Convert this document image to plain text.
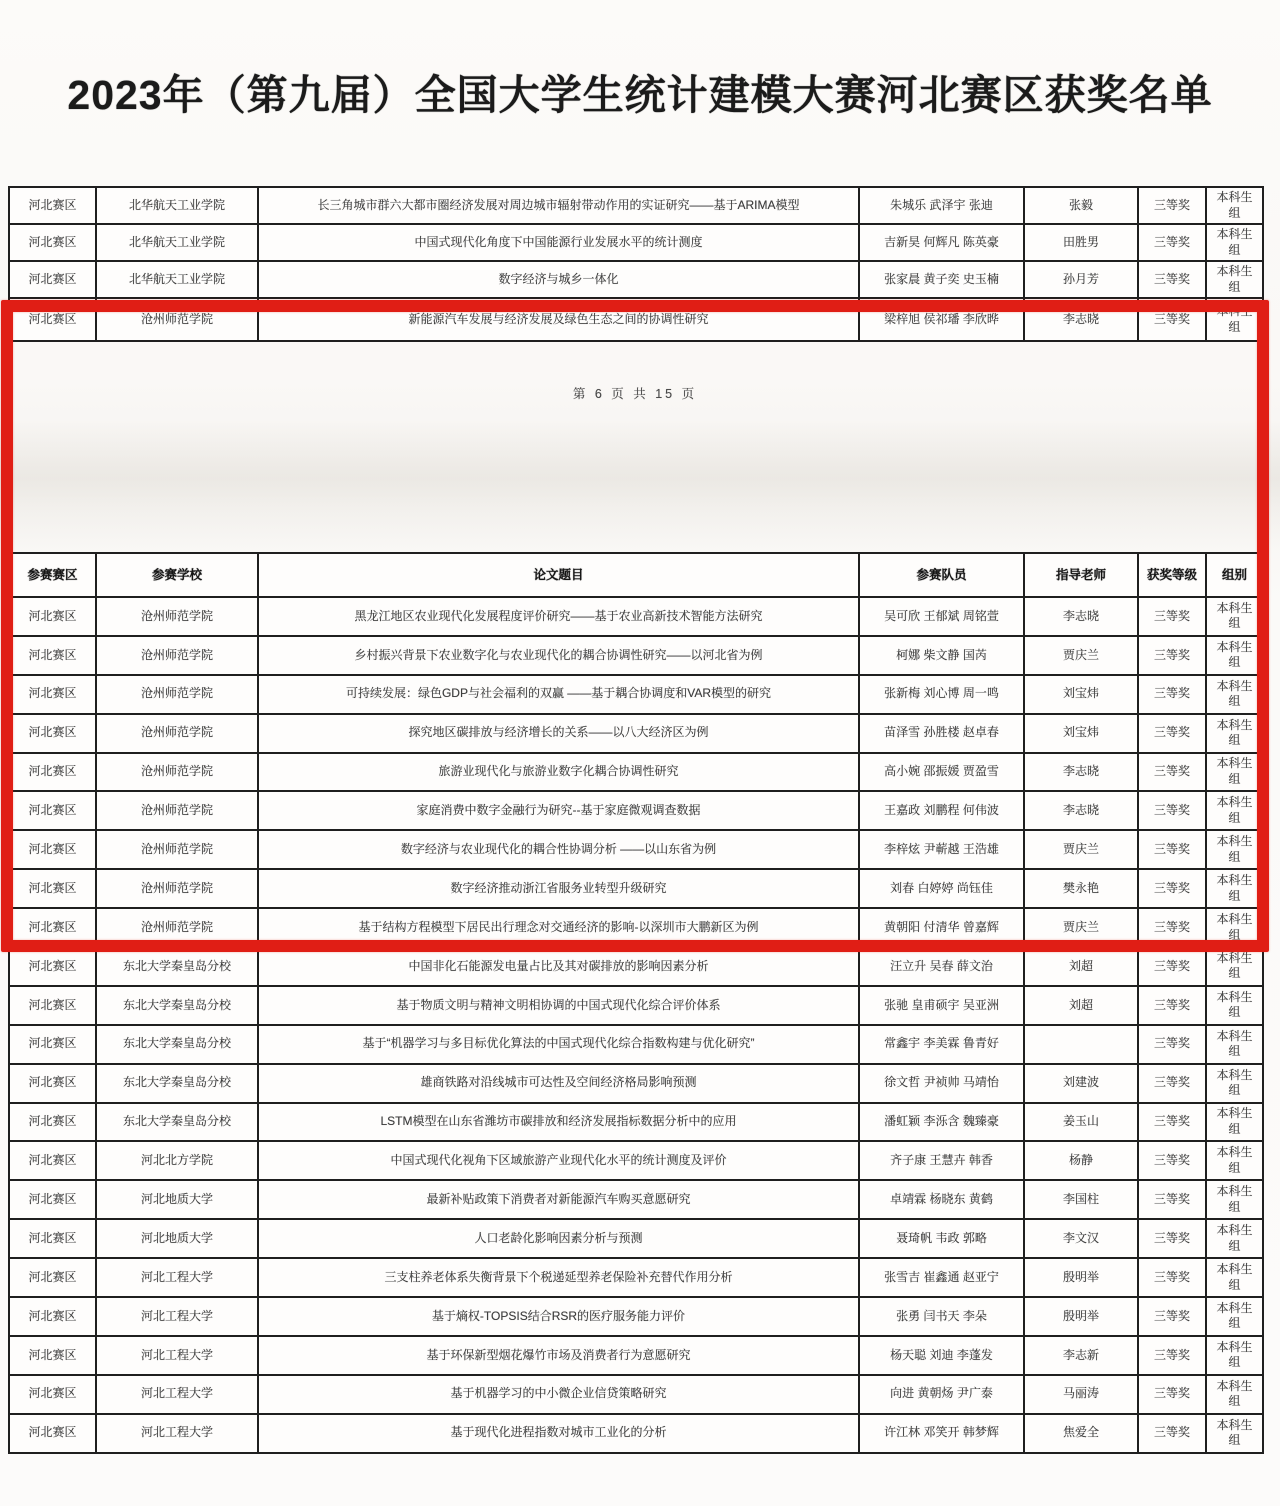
2023年（第九届）全国大学生统计建模大赛河北赛区获奖名单
河北赛区	北华航天工业学院	长三角城市群六大都市圈经济发展对周边城市辐射带动作用的实证研究——基于ARIMA模型	朱城乐 武泽宇 张迪	张毅	三等奖	本科生组
河北赛区	北华航天工业学院	中国式现代化角度下中国能源行业发展水平的统计测度	吉新昊 何辉凡 陈英豪	田胜男	三等奖	本科生组
河北赛区	北华航天工业学院	数字经济与城乡一体化	张家晨 黄子奕 史玉楠	孙月芳	三等奖	本科生组
河北赛区	沧州师范学院	新能源汽车发展与经济发展及绿色生态之间的协调性研究	梁梓旭 侯祁璠 李欣晔	李志晓	三等奖	本科生组
第 6 页 共 15 页
参赛赛区	参赛学校	论文题目	参赛队员	指导老师	获奖等级	组别
河北赛区	沧州师范学院	黑龙江地区农业现代化发展程度评价研究——基于农业高新技术智能方法研究	吴可欣 王郁斌 周铭萱	李志晓	三等奖	本科生组
河北赛区	沧州师范学院	乡村振兴背景下农业数字化与农业现代化的耦合协调性研究——以河北省为例	柯娜 柴文静 国芮	贾庆兰	三等奖	本科生组
河北赛区	沧州师范学院	可持续发展：绿色GDP与社会福利的双赢 ——基于耦合协调度和VAR模型的研究	张新梅 刘心博 周一鸣	刘宝炜	三等奖	本科生组
河北赛区	沧州师范学院	探究地区碳排放与经济增长的关系——以八大经济区为例	苗泽雪 孙胜楼 赵卓春	刘宝炜	三等奖	本科生组
河北赛区	沧州师范学院	旅游业现代化与旅游业数字化耦合协调性研究	高小婉 邵振媛 贾盈雪	李志晓	三等奖	本科生组
河北赛区	沧州师范学院	家庭消费中数字金融行为研究--基于家庭微观调查数据	王嘉政 刘鹏程 何伟波	李志晓	三等奖	本科生组
河北赛区	沧州师范学院	数字经济与农业现代化的耦合性协调分析 ——以山东省为例	李梓炫 尹蕲越 王浩雄	贾庆兰	三等奖	本科生组
河北赛区	沧州师范学院	数字经济推动浙江省服务业转型升级研究	刘春 白婷婷 尚钰佳	樊永艳	三等奖	本科生组
河北赛区	沧州师范学院	基于结构方程模型下居民出行理念对交通经济的影响-以深圳市大鹏新区为例	黄朝阳 付清华 曾嘉辉	贾庆兰	三等奖	本科生组
河北赛区	东北大学秦皇岛分校	中国非化石能源发电量占比及其对碳排放的影响因素分析	汪立升 吴春 薛文治	刘超	三等奖	本科生组
河北赛区	东北大学秦皇岛分校	基于物质文明与精神文明相协调的中国式现代化综合评价体系	张驰 皇甫硕宇 吴亚洲	刘超	三等奖	本科生组
河北赛区	东北大学秦皇岛分校	基于“机器学习与多目标优化算法的中国式现代化综合指数构建与优化研究”	常鑫宇 李美霖 鲁青好		三等奖	本科生组
河北赛区	东北大学秦皇岛分校	雄商铁路对沿线城市可达性及空间经济格局影响预测	徐文哲 尹祯帅 马靖怡	刘建波	三等奖	本科生组
河北赛区	东北大学秦皇岛分校	LSTM模型在山东省潍坊市碳排放和经济发展指标数据分析中的应用	潘虹颖 李泺含 魏臻豪	姜玉山	三等奖	本科生组
河北赛区	河北北方学院	中国式现代化视角下区域旅游产业现代化水平的统计测度及评价	齐子康 王慧卉 韩香	杨静	三等奖	本科生组
河北赛区	河北地质大学	最新补贴政策下消费者对新能源汽车购买意愿研究	卓靖霖 杨晓东 黄鹤	李国柱	三等奖	本科生组
河北赛区	河北地质大学	人口老龄化影响因素分析与预测	聂琦帆 韦政 郭略	李文汉	三等奖	本科生组
河北赛区	河北工程大学	三支柱养老体系失衡背景下个税递延型养老保险补充替代作用分析	张雪吉 崔鑫通 赵亚宁	殷明举	三等奖	本科生组
河北赛区	河北工程大学	基于熵权-TOPSIS结合RSR的医疗服务能力评价	张勇 闫书天 李朵	殷明举	三等奖	本科生组
河北赛区	河北工程大学	基于环保新型烟花爆竹市场及消费者行为意愿研究	杨天聪 刘迪 李蓬发	李志新	三等奖	本科生组
河北赛区	河北工程大学	基于机器学习的中小微企业信贷策略研究	向进 黄朝炀 尹广泰	马丽涛	三等奖	本科生组
河北赛区	河北工程大学	基于现代化进程指数对城市工业化的分析	许江林 邓笑开 韩梦辉	焦爱全	三等奖	本科生组
